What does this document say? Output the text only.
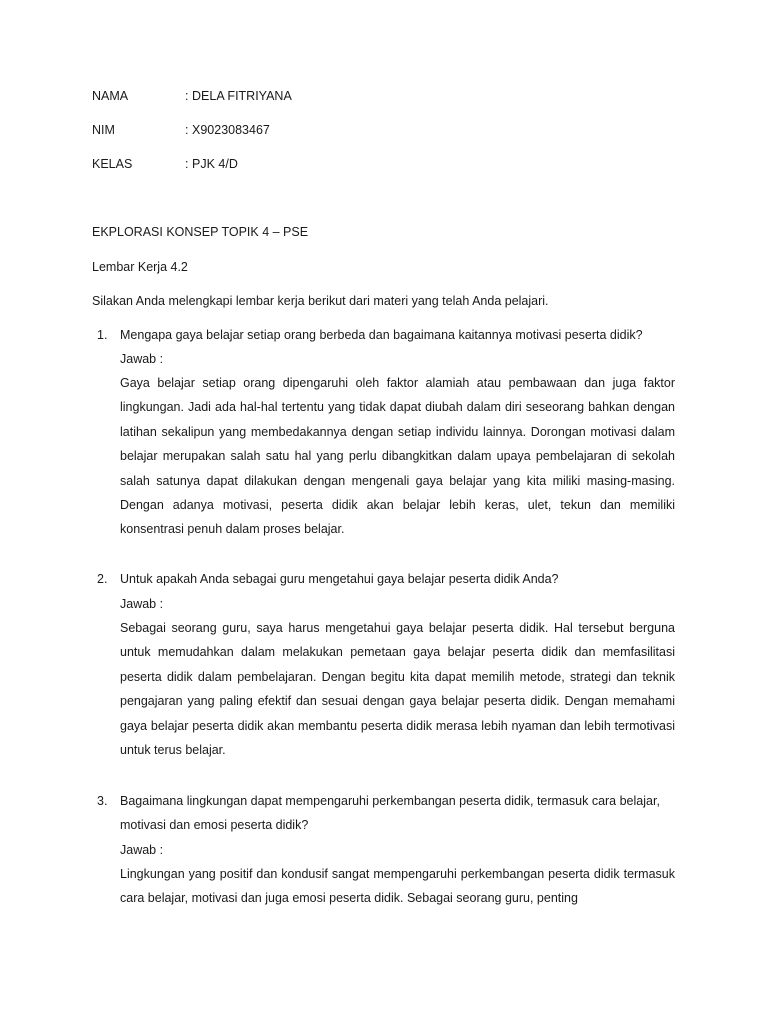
NAMA	: DELA FITRIYANA
NIM	: X9023083467
KELAS	: PJK 4/D
EKPLORASI KONSEP TOPIK 4 – PSE
Lembar Kerja 4.2
Silakan Anda melengkapi lembar kerja berikut dari materi yang telah Anda pelajari.
1. Mengapa gaya belajar setiap orang berbeda dan bagaimana kaitannya motivasi peserta didik?
Jawab :
Gaya belajar setiap orang dipengaruhi oleh faktor alamiah atau pembawaan dan juga faktor lingkungan. Jadi ada hal-hal tertentu yang tidak dapat diubah dalam diri seseorang bahkan dengan latihan sekalipun yang membedakannya dengan setiap individu lainnya. Dorongan motivasi dalam belajar merupakan salah satu hal yang perlu dibangkitkan dalam upaya pembelajaran di sekolah salah satunya dapat dilakukan dengan mengenali gaya belajar yang kita miliki masing-masing. Dengan adanya motivasi, peserta didik akan belajar lebih keras, ulet, tekun dan memiliki konsentrasi penuh dalam proses belajar.
2. Untuk apakah Anda sebagai guru mengetahui gaya belajar peserta didik Anda?
Jawab :
Sebagai seorang guru, saya harus mengetahui gaya belajar peserta didik. Hal tersebut berguna untuk memudahkan dalam melakukan pemetaan gaya belajar peserta didik dan memfasilitasi peserta didik dalam pembelajaran. Dengan begitu kita dapat memilih metode, strategi dan teknik pengajaran yang paling efektif dan sesuai dengan gaya belajar peserta didik. Dengan memahami gaya belajar peserta didik akan membantu peserta didik merasa lebih nyaman dan lebih termotivasi untuk terus belajar.
3. Bagaimana lingkungan dapat mempengaruhi perkembangan peserta didik, termasuk cara belajar, motivasi dan emosi peserta didik?
Jawab :
Lingkungan yang positif dan kondusif sangat mempengaruhi perkembangan peserta didik termasuk cara belajar, motivasi dan juga emosi peserta didik. Sebagai seorang guru, penting
